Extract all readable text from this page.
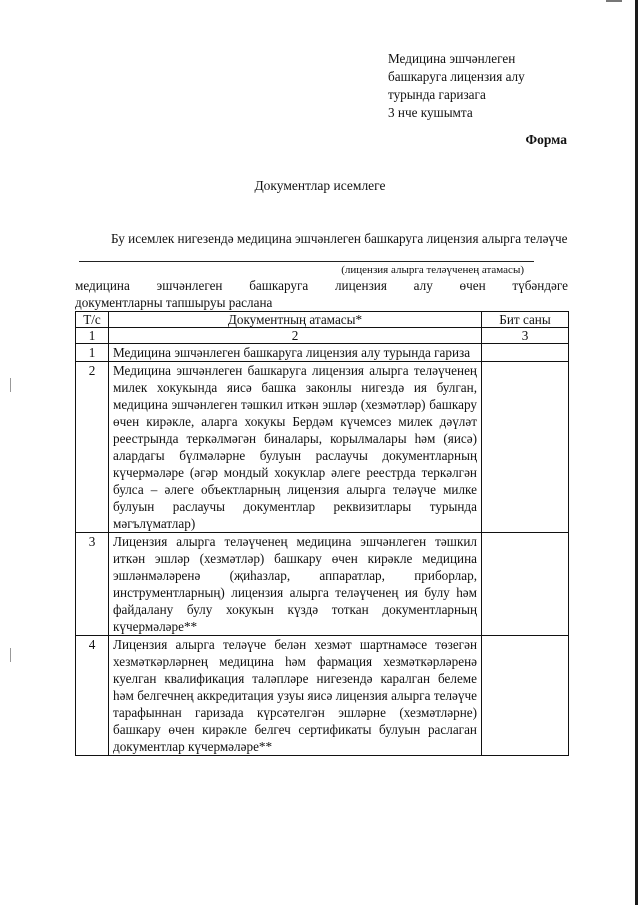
Медицина эшчәнлеген
башкаруга лицензия алу
турында гаризага
3 нче кушымта
Форма
Документлар исемлеге

Бу исемлек нигезендә медицина эшчәнлеген башкаруга лицензия алырга теләүче

(лицензия алырга теләүченең атамасы)

медицина эшчәнлеген башкаруга лицензия алу өчен түбәндәге

документларны тапшыруы раслана

Т/с	Документның атамасы*	Бит саны
1	2	3
1	Медицина эшчәнлеген башкаруга лицензия алу турында гариза	
2	Медицина эшчәнлеген башкаруга лицензия алырга теләүченең милек хокукында яисә башка законлы нигездә ия булган, медицина эшчәнлеген тәшкил иткән эшләр (хезмәтләр) башкару өчен кирәкле, аларга хокукы Бердәм күчемсез милек дәүләт реестрында теркәлмәгән биналары, корылмалары һәм (яисә) алардагы бүлмәләрне булуын раслаучы документларның күчермәләре (әгәр мондый хокуклар әлеге реестрда теркәлгән булса – әлеге объектларның лицензия алырга теләүче милке булуын раслаучы документлар реквизитлары турында мәгълүматлар)	
3	Лицензия алырга теләүченең медицина эшчәнлеген тәшкил иткән эшләр (хезмәтләр) башкару өчен кирәкле медицина эшләнмәләренә (җиһазлар, аппаратлар, приборлар, инструментларның) лицензия алырга теләүченең ия булу һәм файдалану булу хокукын күздә тоткан документларның күчермәләре**	
4	Лицензия алырга теләүче белән хезмәт шартнамәсе төзегән хезмәткәрләрнең медицина һәм фармация хезмәткәрләренә куелган квалификация таләпләре нигезендә каралган белеме һәм белгечнең аккредитация узуы яисә лицензия алырга теләүче тарафыннан гаризада күрсәтелгән эшләрне (хезмәтләрне) башкару өчен кирәкле белгеч сертификаты булуын раслаган документлар күчермәләре**	
